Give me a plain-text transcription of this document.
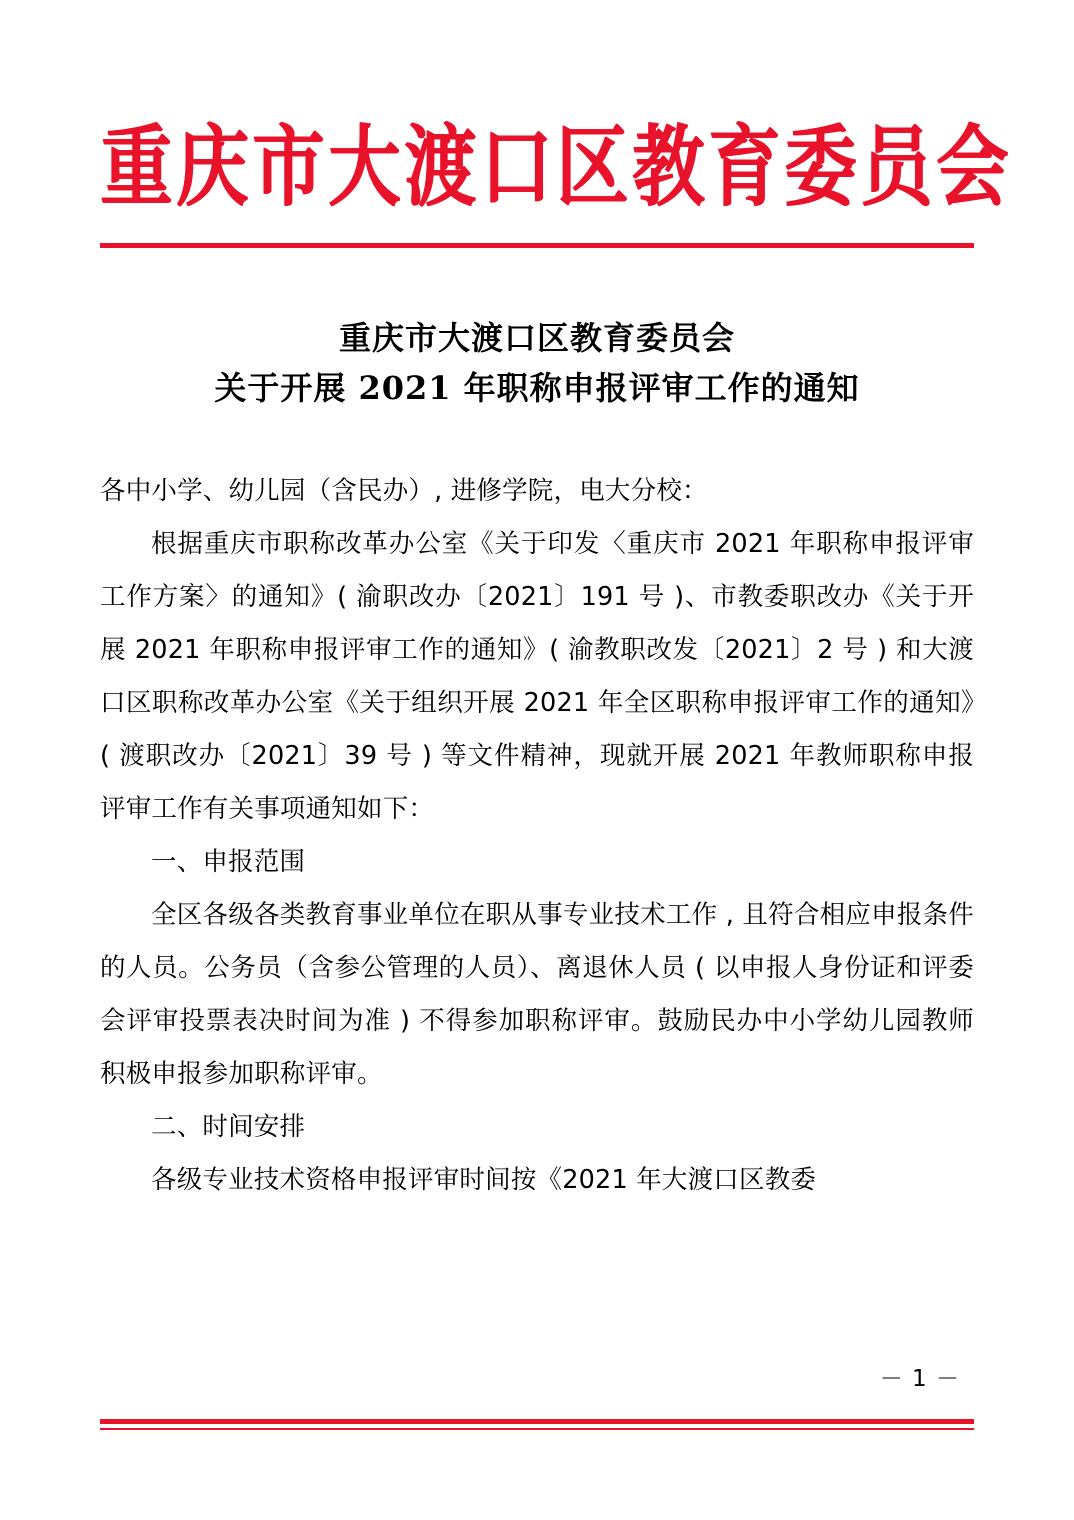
重庆市大渡口区教育委员会
重庆市大渡口区教育委员会
关于开展 2021 年职称申报评审工作的通知

各中小学、幼儿园（含民办）, 进修学院，电大分校：

根据重庆市职称改革办公室《关于印发〈重庆市 2021 年职称申报评审工作方案〉的通知》( 渝职改办〔2021〕191 号 )、市教委职改办《关于开展 2021 年职称申报评审工作的通知》( 渝教职改发〔2021〕2 号 ) 和大渡口区职称改革办公室《关于组织开展 2021 年全区职称申报评审工作的通知》( 渡职改办〔2021〕39 号 ) 等文件精神，现就开展 2021 年教师职称申报评审工作有关事项通知如下：

一、申报范围

全区各级各类教育事业单位在职从事专业技术工作 , 且符合相应申报条件的人员。公务员（含参公管理的人员）、离退休人员 ( 以申报人身份证和评委会评审投票表决时间为准 ) 不得参加职称评审。鼓励民办中小学幼儿园教师积极申报参加职称评审。

二、时间安排

各级专业技术资格申报评审时间按《2021 年大渡口区教委

－ 1 －
